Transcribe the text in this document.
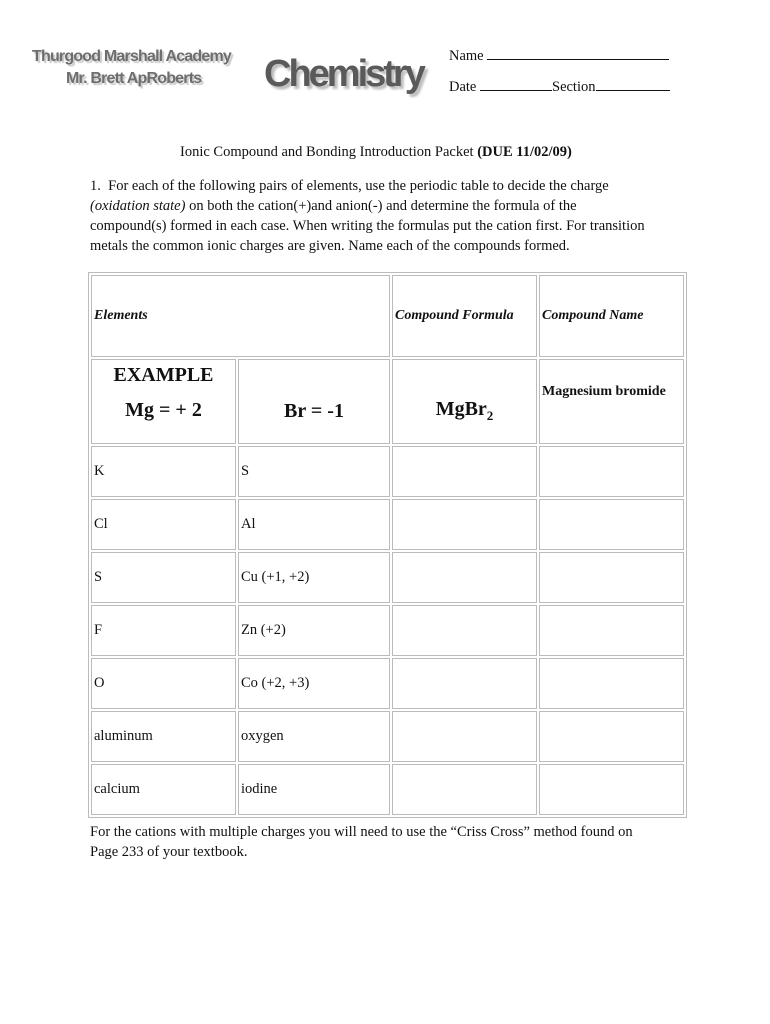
Thurgood Marshall Academy
Mr. Brett ApRoberts Chemistry Name
Date	Section
Ionic Compound and Bonding Introduction Packet (DUE 11/02/09)
1. For each of the following pairs of elements, use the periodic table to decide the charge
(oxidation state) on both the cation(+)and anion(-) and determine the formula of the
compound(s) formed in each case. When writing the formulas put the cation first. For transition
metals the common ionic charges are given. Name each of the compounds formed.
Elements		Compound Formula	Compound Name

EXAMPLE
Mg = + 2	Br = -1	MgBr$_2$	Magnesium bromide

K	S		
Cl	Al		
S	Cu (+1, +2)		
F	Zn (+2)		
O	Co (+2, +3)		
aluminum	oxygen		
calcium	iodine		
For the cations with multiple charges you will need to use the “Criss Cross” method found on
Page 233 of your textbook.
